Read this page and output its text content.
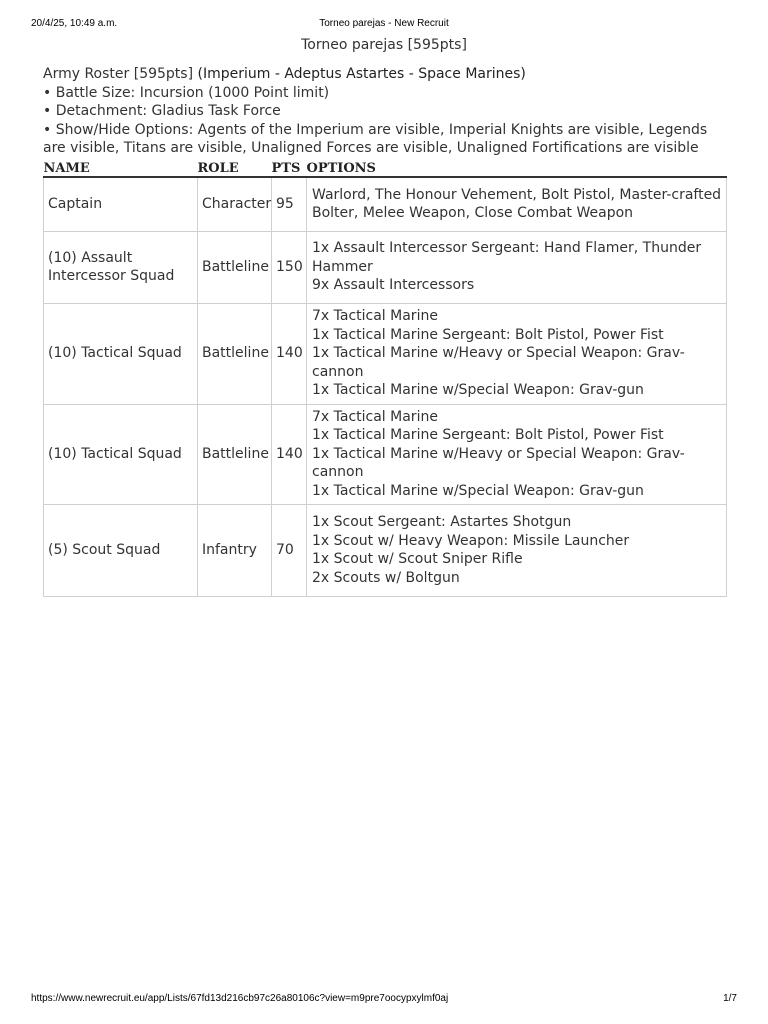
20/4/25, 10:49 a.m.	Torneo parejas - New Recruit
Torneo parejas [595pts]

Army Roster [595pts] (Imperium - Adeptus Astartes - Space Marines)

• Battle Size: Incursion (1000 Point limit)

• Detachment: Gladius Task Force

• Show/Hide Options: Agents of the Imperium are visible, Imperial Knights are visible, Legends are visible, Titans are visible, Unaligned Forces are visible, Unaligned Fortifications are visible

NAME	ROLE	PTS	OPTIONS
Captain	Character	95	Warlord, The Honour Vehement, Bolt Pistol, Master-crafted Bolter, Melee Weapon, Close Combat Weapon

(10) Assault Intercessor Squad	Battleline	150	1x Assault Intercessor Sergeant: Hand Flamer, Thunder Hammer
9x Assault Intercessors

(10) Tactical Squad	Battleline	140	7x Tactical Marine
1x Tactical Marine Sergeant: Bolt Pistol, Power Fist
1x Tactical Marine w/Heavy or Special Weapon: Grav-cannon
1x Tactical Marine w/Special Weapon: Grav-gun

(10) Tactical Squad	Battleline	140	7x Tactical Marine
1x Tactical Marine Sergeant: Bolt Pistol, Power Fist
1x Tactical Marine w/Heavy or Special Weapon: Grav-cannon
1x Tactical Marine w/Special Weapon: Grav-gun

(5) Scout Squad	Infantry	70	1x Scout Sergeant: Astartes Shotgun
1x Scout w/ Heavy Weapon: Missile Launcher
1x Scout w/ Scout Sniper Rifle
2x Scouts w/ Boltgun
https://www.newrecruit.eu/app/Lists/67fd13d216cb97c26a80106c?view=m9pre7oocypxylmf0aj	1/7
